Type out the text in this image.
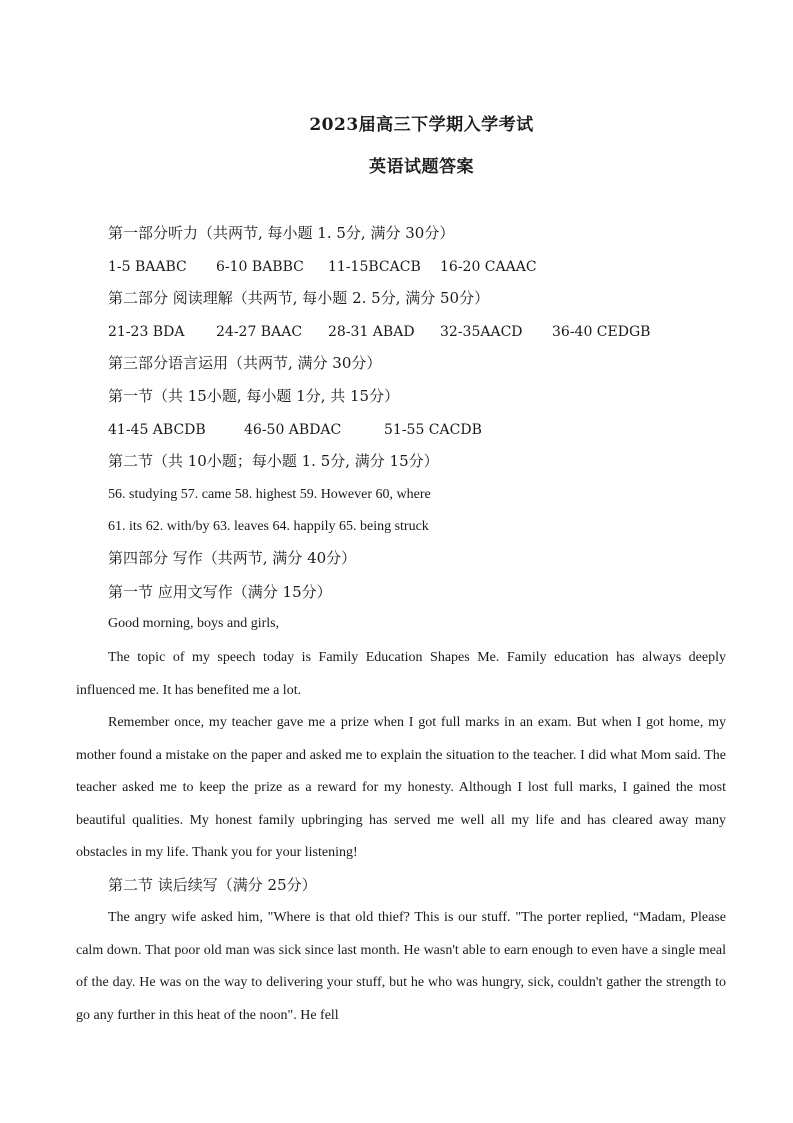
2023届高三下学期入学考试
英语试题答案
第一部分听力（共两节, 每小题 1. 5分, 满分 30分）
1-5 BAABC 6-10 BABBC 11-15BCACB 16-20 CAAAC
第二部分 阅读理解（共两节, 每小题 2. 5分, 满分 50分）
21-23 BDA 24-27 BAAC 28-31 ABAD 32-35AACD 36-40 CEDGB
第三部分语言运用（共两节, 满分 30分）
第一节（共 15小题, 每小题 1分, 共 15分）
41-45 ABCDB	46-50 ABDAC	51-55 CACDB
第二节（共 10小题；每小题 1. 5分, 满分 15分）
56. studying 57. came 58. highest 59. However 60, where
61. its 62. with/by 63. leaves 64. happily 65. being struck
第四部分 写作（共两节, 满分 40分）
第一节 应用文写作（满分 15分）
Good morning, boys and girls,
The topic of my speech today is Family Education Shapes Me. Family education has always deeply influenced me. It has benefited me a lot.
Remember once, my teacher gave me a prize when I got full marks in an exam. But when I got home, my mother found a mistake on the paper and asked me to explain the situation to the teacher. I did what Mom said. The teacher asked me to keep the prize as a reward for my honesty. Although I lost full marks, I gained the most beautiful qualities. My honest family upbringing has served me well all my life and has cleared away many obstacles in my life. Thank you for your listening!
第二节 读后续写（满分 25分）
The angry wife asked him, "Where is that old thief? This is our stuff. "The porter replied, “Madam, Please calm down. That poor old man was sick since last month. He wasn't able to earn enough to even have a single meal of the day. He was on the way to delivering your stuff, but he who was hungry, sick, couldn't gather the strength to go any further in this heat of the noon". He fell
